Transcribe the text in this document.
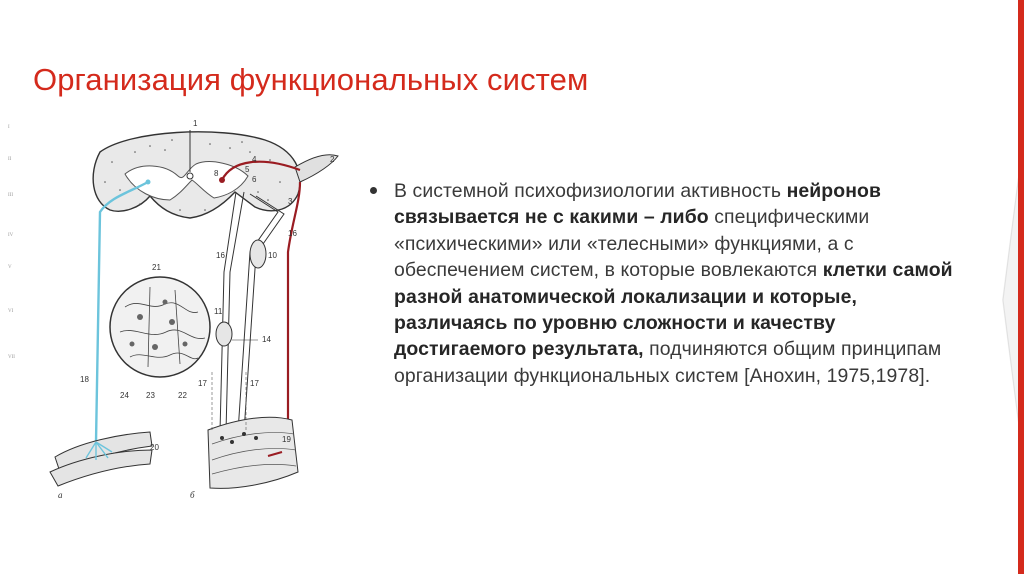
Организация функциональных систем
1
2
3
4
5
6
8
10
11
14
16
16
17	17
18
19
20
21
22
23
24
а	б
I
II
III
IV
V
VI
VII
В системной психофизиологии активность нейронов связывается не с какими – либо специфическими «психическими» или «телесными» функциями, а с обеспечением систем, в которые вовлекаются клетки самой разной анатомической локализации и которые, различаясь по уровню сложности и качеству достигаемого результата, подчиняются общим принципам организации функциональных систем [Анохин, 1975,1978].
